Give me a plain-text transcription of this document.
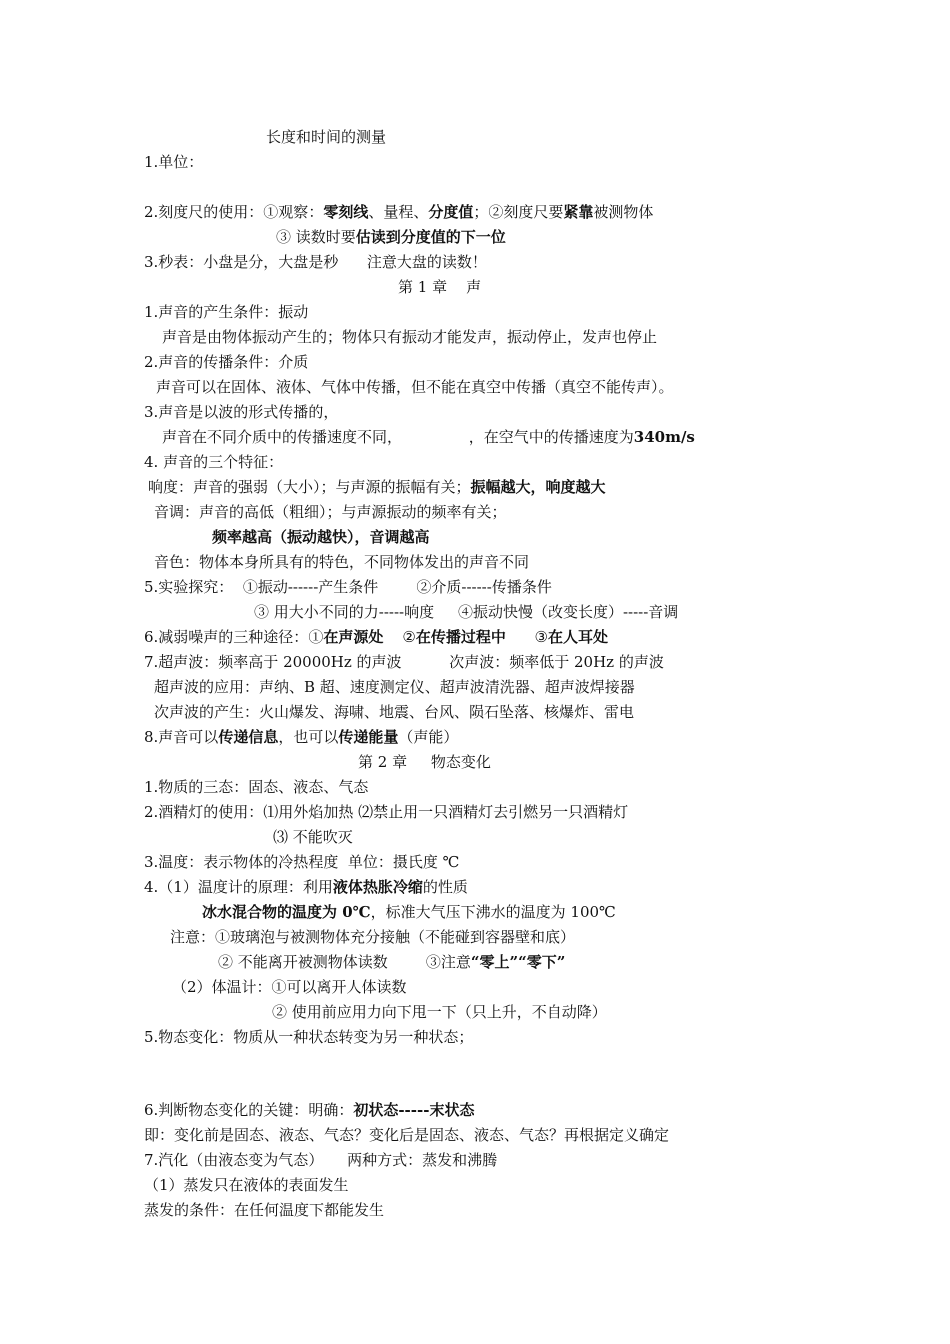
长度和时间的测量
1.单位：
2.刻度尺的使用：①观察：零刻线、量程、分度值；②刻度尺要紧靠被测物体
③ 读数时要估读到分度值的下一位
3.秒表：小盘是分，大盘是秒      注意大盘的读数！
第 1 章    声
1.声音的产生条件：振动
声音是由物体振动产生的；物体只有振动才能发声，振动停止，发声也停止
2.声音的传播条件：介质
声音可以在固体、液体、气体中传播，但不能在真空中传播（真空不能传声）。
3.声音是以波的形式传播的，
声音在不同介质中的传播速度不同，              ，在空气中的传播速度为340m/s
4. 声音的三个特征：
响度：声音的强弱（大小）；与声源的振幅有关；振幅越大，响度越大
音调：声音的高低（粗细）；与声源振动的频率有关；
频率越高（振动越快），音调越高
音色：物体本身所具有的特色，不同物体发出的声音不同
5.实验探究：  ①振动------产生条件        ②介质------传播条件
③ 用大小不同的力-----响度     ④振动快慢（改变长度）-----音调
6.减弱噪声的三种途径：①在声源处    ②在传播过程中      ③在人耳处
7.超声波：频率高于 20000Hz 的声波          次声波：频率低于 20Hz 的声波
超声波的应用：声纳、B 超、速度测定仪、超声波清洗器、超声波焊接器
次声波的产生：火山爆发、海啸、地震、台风、陨石坠落、核爆炸、雷电
8.声音可以传递信息，也可以传递能量（声能）
第 2 章     物态变化
1.物质的三态：固态、液态、气态
2.酒精灯的使用：⑴用外焰加热 ⑵禁止用一只酒精灯去引燃另一只酒精灯
⑶ 不能吹灭
3.温度：表示物体的冷热程度  单位：摄氏度 ℃
4.（1）温度计的原理：利用液体热胀冷缩的性质
冰水混合物的温度为 0℃，标准大气压下沸水的温度为 100℃
注意：①玻璃泡与被测物体充分接触（不能碰到容器壁和底）
② 不能离开被测物体读数        ③注意“零上”“零下”
（2）体温计：①可以离开人体读数
② 使用前应用力向下甩一下（只上升，不自动降）
5.物态变化：物质从一种状态转变为另一种状态；
6.判断物态变化的关键：明确：初状态-----末状态
即：变化前是固态、液态、气态？变化后是固态、液态、气态？再根据定义确定
7.汽化（由液态变为气态）     两种方式：蒸发和沸腾
（1）蒸发只在液体的表面发生
蒸发的条件：在任何温度下都能发生
